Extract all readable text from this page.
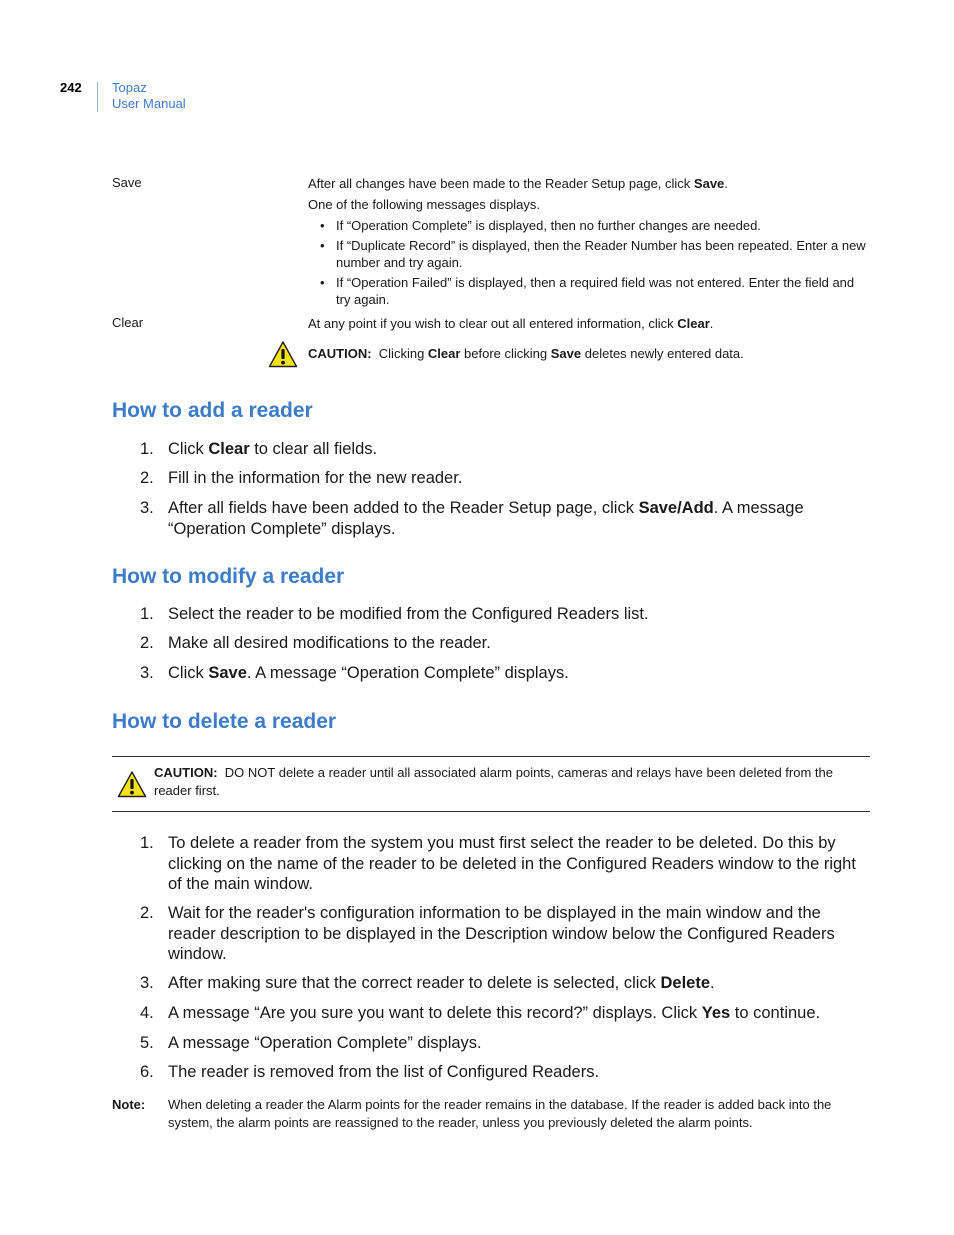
242 Topaz
User Manual
Save	After all changes have been made to the Reader Setup page, click Save.
One of the following messages displays.
• If “Operation Complete” is displayed, then no further changes are needed.
• If “Duplicate Record” is displayed, then the Reader Number has been repeated. Enter a new number and try again.
• If “Operation Failed” is displayed, then a required field was not entered. Enter the field and try again.
Clear	At any point if you wish to clear out all entered information, click Clear.
CAUTION: Clicking Clear before clicking Save deletes newly entered data.
How to add a reader
1. Click Clear to clear all fields.
2. Fill in the information for the new reader.
3. After all fields have been added to the Reader Setup page, click Save/Add. A message “Operation Complete” displays.
How to modify a reader
1. Select the reader to be modified from the Configured Readers list.
2. Make all desired modifications to the reader.
3. Click Save. A message “Operation Complete” displays.
How to delete a reader
CAUTION: DO NOT delete a reader until all associated alarm points, cameras and relays have been deleted from the reader first.
1. To delete a reader from the system you must first select the reader to be deleted. Do this by clicking on the name of the reader to be deleted in the Configured Readers window to the right of the main window.
2. Wait for the reader's configuration information to be displayed in the main window and the reader description to be displayed in the Description window below the Configured Readers window.
3. After making sure that the correct reader to delete is selected, click Delete.
4. A message “Are you sure you want to delete this record?” displays. Click Yes to continue.
5. A message “Operation Complete” displays.
6. The reader is removed from the list of Configured Readers.
Note: When deleting a reader the Alarm points for the reader remains in the database. If the reader is added back into the system, the alarm points are reassigned to the reader, unless you previously deleted the alarm points.
